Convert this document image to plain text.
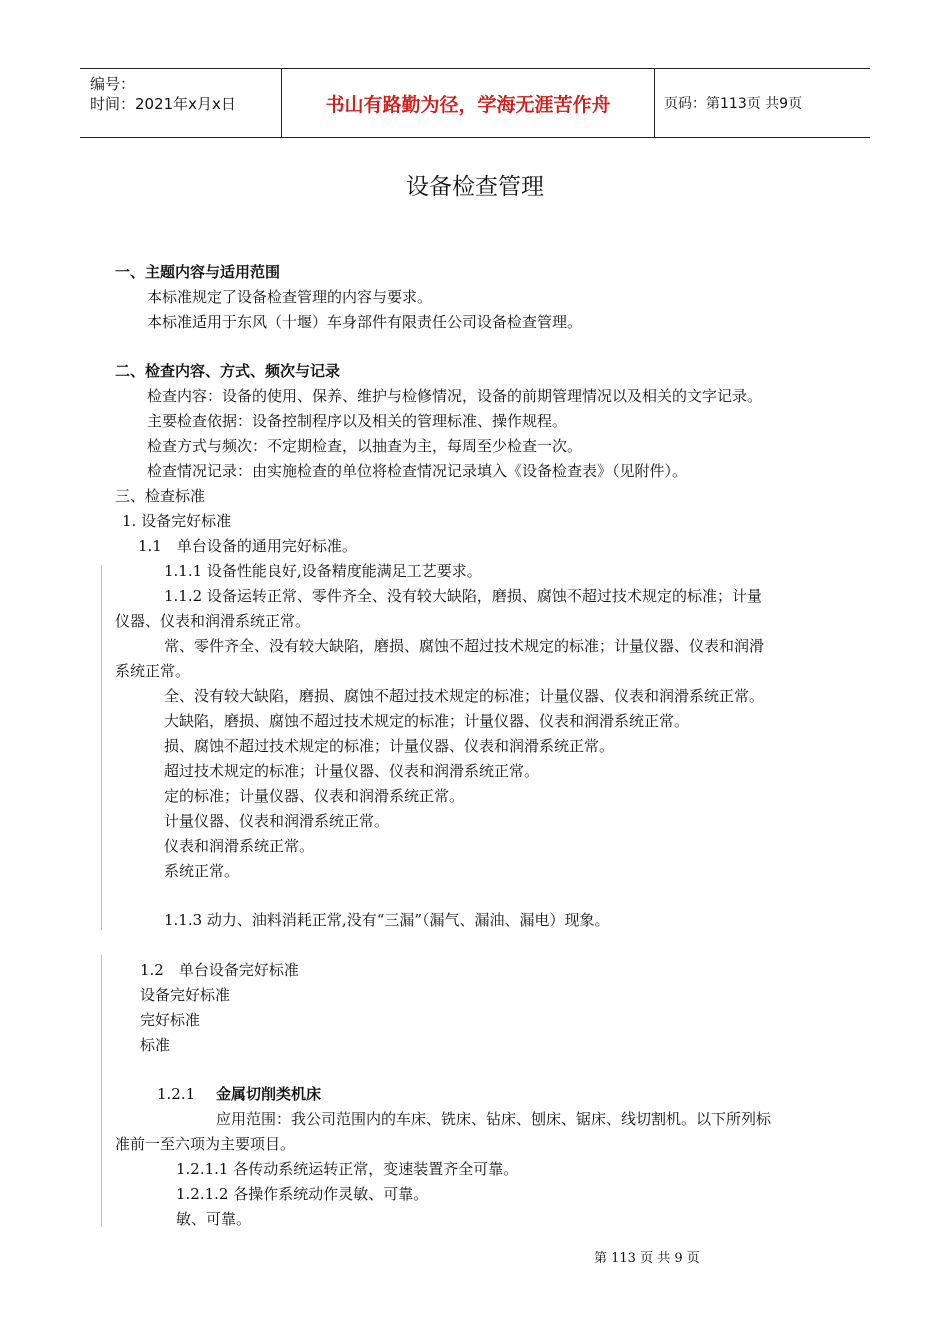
编号：
时间：2021年x月x日	书山有路勤为径，学海无涯苦作舟	页码：第113页 共9页
设备检查管理
一、主题内容与适用范围
本标准规定了设备检查管理的内容与要求。
本标准适用于东风（十堰）车身部件有限责任公司设备检查管理。
二、检查内容、方式、频次与记录
检查内容：设备的使用、保养、维护与检修情况，设备的前期管理情况以及相关的文字记录。
主要检查依据：设备控制程序以及相关的管理标准、操作规程。
检查方式与频次：不定期检查，以抽查为主，每周至少检查一次。
检查情况记录：由实施检查的单位将检查情况记录填入《设备检查表》（见附件）。
三、检查标准
1. 设备完好标准
1.1　单台设备的通用完好标准。
1.1.1 设备性能良好,设备精度能满足工艺要求。
1.1.2 设备运转正常、零件齐全、没有较大缺陷，磨损、腐蚀不超过技术规定的标准；计量
仪器、仪表和润滑系统正常。
常、零件齐全、没有较大缺陷，磨损、腐蚀不超过技术规定的标准；计量仪器、仪表和润滑
系统正常。
全、没有较大缺陷，磨损、腐蚀不超过技术规定的标准；计量仪器、仪表和润滑系统正常。
大缺陷，磨损、腐蚀不超过技术规定的标准；计量仪器、仪表和润滑系统正常。
损、腐蚀不超过技术规定的标准；计量仪器、仪表和润滑系统正常。
超过技术规定的标准；计量仪器、仪表和润滑系统正常。
定的标准；计量仪器、仪表和润滑系统正常。
计量仪器、仪表和润滑系统正常。
仪表和润滑系统正常。
系统正常。
1.1.3 动力、油料消耗正常,没有“三漏”（漏气、漏油、漏电）现象。
1.2　单台设备完好标准
设备完好标准
完好标准
标准
1.2.1 金属切削类机床
应用范围：我公司范围内的车床、铣床、钻床、刨床、锯床、线切割机。以下所列标
准前一至六项为主要项目。
1.2.1.1 各传动系统运转正常，变速装置齐全可靠。
1.2.1.2 各操作系统动作灵敏、可靠。
敏、可靠。
第 113 页 共 9 页
